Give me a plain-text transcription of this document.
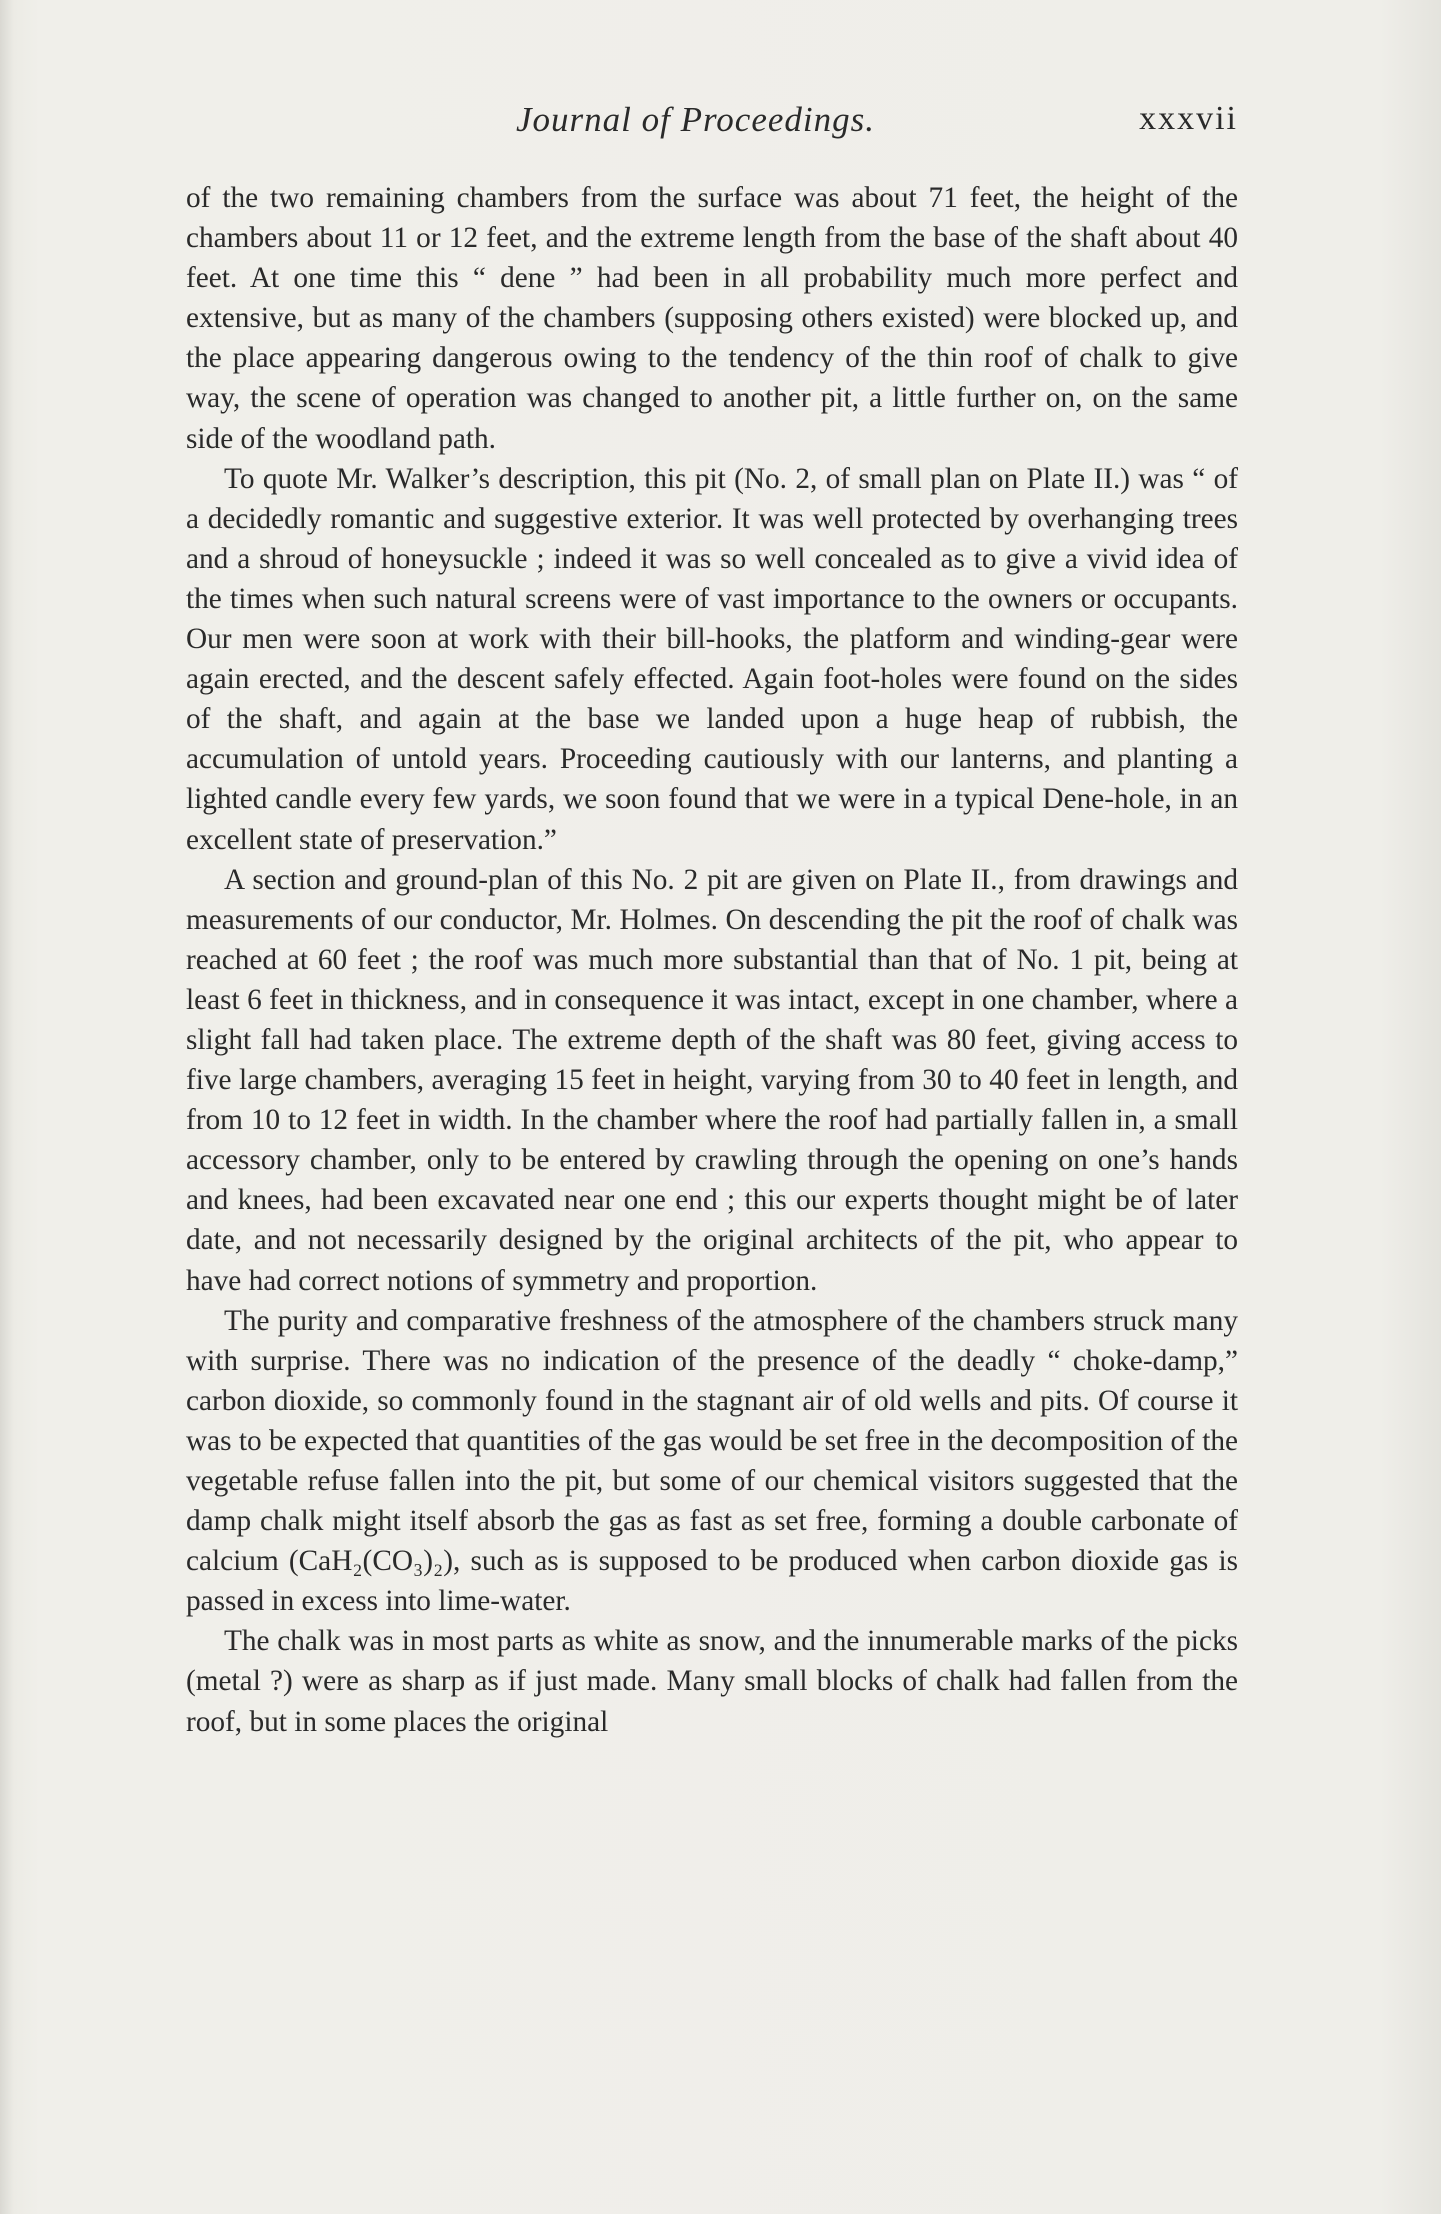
Journal of Proceedings.	xxxvii

of the two remaining chambers from the surface was about 71 feet, the height of the chambers about 11 or 12 feet, and the extreme length from the base of the shaft about 40 feet. At one time this “ dene ” had been in all probability much more perfect and extensive, but as many of the chambers (supposing others existed) were blocked up, and the place appearing dangerous owing to the tendency of the thin roof of chalk to give way, the scene of operation was changed to another pit, a little further on, on the same side of the woodland path.

To quote Mr. Walker’s description, this pit (No. 2, of small plan on Plate II.) was “ of a decidedly romantic and suggestive exterior. It was well protected by overhanging trees and a shroud of honeysuckle ; indeed it was so well concealed as to give a vivid idea of the times when such natural screens were of vast importance to the owners or occupants. Our men were soon at work with their bill-hooks, the platform and winding-gear were again erected, and the descent safely effected. Again foot-holes were found on the sides of the shaft, and again at the base we landed upon a huge heap of rubbish, the accumulation of untold years. Proceeding cautiously with our lanterns, and planting a lighted candle every few yards, we soon found that we were in a typical Dene-hole, in an excellent state of preservation.”

A section and ground-plan of this No. 2 pit are given on Plate II., from drawings and measurements of our conductor, Mr. Holmes. On descending the pit the roof of chalk was reached at 60 feet ; the roof was much more substantial than that of No. 1 pit, being at least 6 feet in thickness, and in consequence it was intact, except in one chamber, where a slight fall had taken place. The extreme depth of the shaft was 80 feet, giving access to five large chambers, averaging 15 feet in height, varying from 30 to 40 feet in length, and from 10 to 12 feet in width. In the chamber where the roof had partially fallen in, a small accessory chamber, only to be entered by crawling through the opening on one’s hands and knees, had been excavated near one end ; this our experts thought might be of later date, and not necessarily designed by the original architects of the pit, who appear to have had correct notions of symmetry and proportion.

The purity and comparative freshness of the atmosphere of the chambers struck many with surprise. There was no indication of the presence of the deadly “ choke-damp,” carbon dioxide, so commonly found in the stagnant air of old wells and pits. Of course it was to be expected that quantities of the gas would be set free in the decomposition of the vegetable refuse fallen into the pit, but some of our chemical visitors suggested that the damp chalk might itself absorb the gas as fast as set free, forming a double carbonate of calcium (CaH₂(CO₃)₂), such as is supposed to be produced when carbon dioxide gas is passed in excess into lime-water.

The chalk was in most parts as white as snow, and the innumerable marks of the picks (metal ?) were as sharp as if just made. Many small blocks of chalk had fallen from the roof, but in some places the original
